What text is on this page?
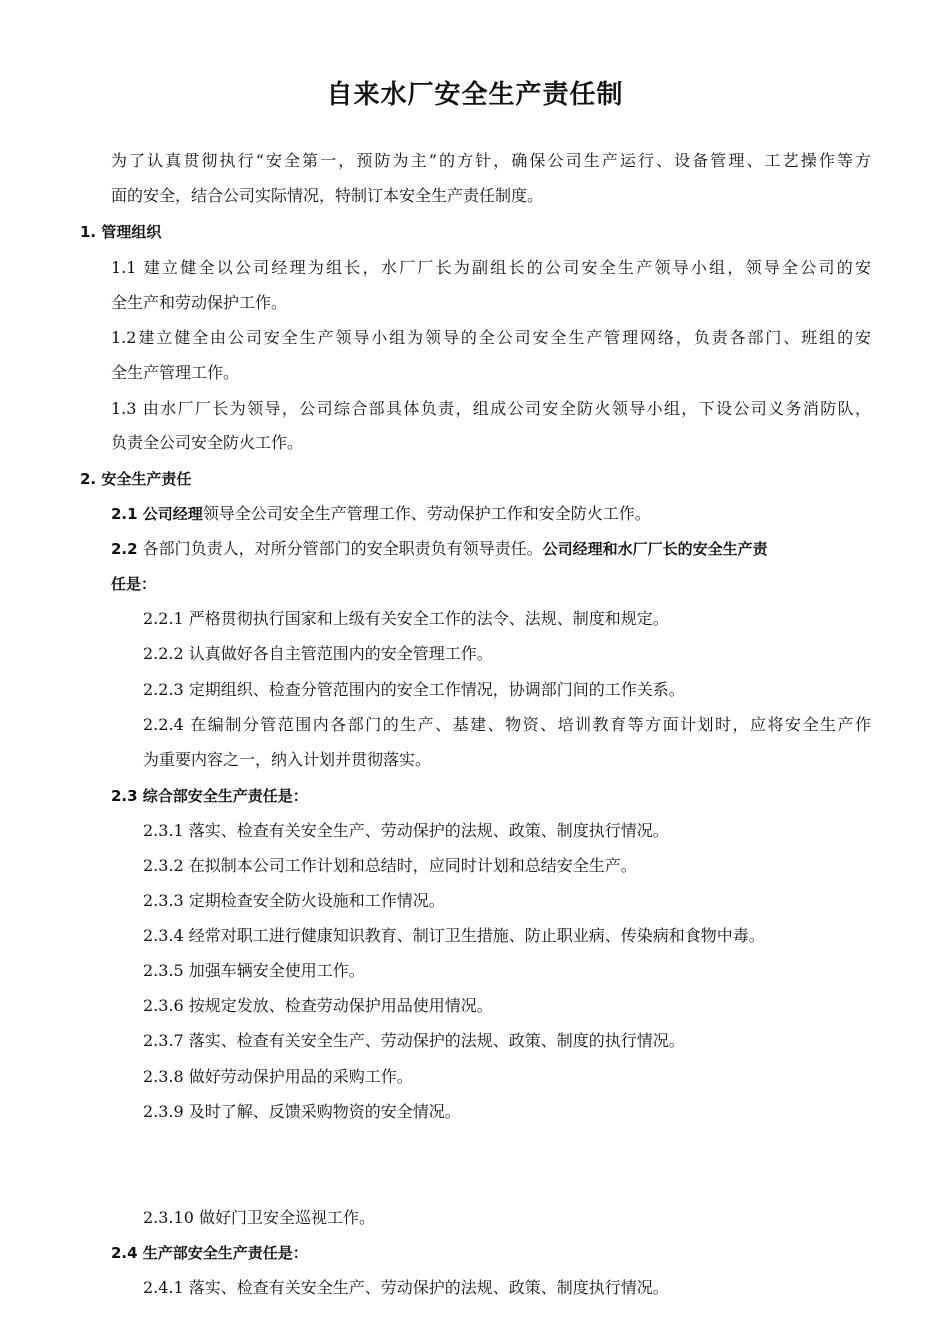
自来水厂安全生产责任制
为了认真贯彻执行“安全第一，预防为主”的方针，确保公司生产运行、设备管理、工艺操作等方
面的安全，结合公司实际情况，特制订本安全生产责任制度。
1. 管理组织
1.1 建立健全以公司经理为组长，水厂厂长为副组长的公司安全生产领导小组，领导全公司的安
全生产和劳动保护工作。
1.2建立健全由公司安全生产领导小组为领导的全公司安全生产管理网络，负责各部门、班组的安
全生产管理工作。
1.3 由水厂厂长为领导，公司综合部具体负责，组成公司安全防火领导小组，下设公司义务消防队，
负责全公司安全防火工作。
2. 安全生产责任
2.1 公司经理领导全公司安全生产管理工作、劳动保护工作和安全防火工作。
2.2 各部门负责人，对所分管部门的安全职责负有领导责任。公司经理和水厂厂长的安全生产责
任是：
2.2.1 严格贯彻执行国家和上级有关安全工作的法令、法规、制度和规定。
2.2.2 认真做好各自主管范围内的安全管理工作。
2.2.3 定期组织、检查分管范围内的安全工作情况，协调部门间的工作关系。
2.2.4 在编制分管范围内各部门的生产、基建、物资、培训教育等方面计划时，应将安全生产作
为重要内容之一，纳入计划并贯彻落实。
2.3 综合部安全生产责任是：
2.3.1 落实、检查有关安全生产、劳动保护的法规、政策、制度执行情况。
2.3.2 在拟制本公司工作计划和总结时，应同时计划和总结安全生产。
2.3.3 定期检查安全防火设施和工作情况。
2.3.4 经常对职工进行健康知识教育、制订卫生措施、防止职业病、传染病和食物中毒。
2.3.5 加强车辆安全使用工作。
2.3.6 按规定发放、检查劳动保护用品使用情况。
2.3.7 落实、检查有关安全生产、劳动保护的法规、政策、制度的执行情况。
2.3.8 做好劳动保护用品的采购工作。
2.3.9 及时了解、反馈采购物资的安全情况。
2.3.10 做好门卫安全巡视工作。
2.4 生产部安全生产责任是：
2.4.1 落实、检查有关安全生产、劳动保护的法规、政策、制度执行情况。
